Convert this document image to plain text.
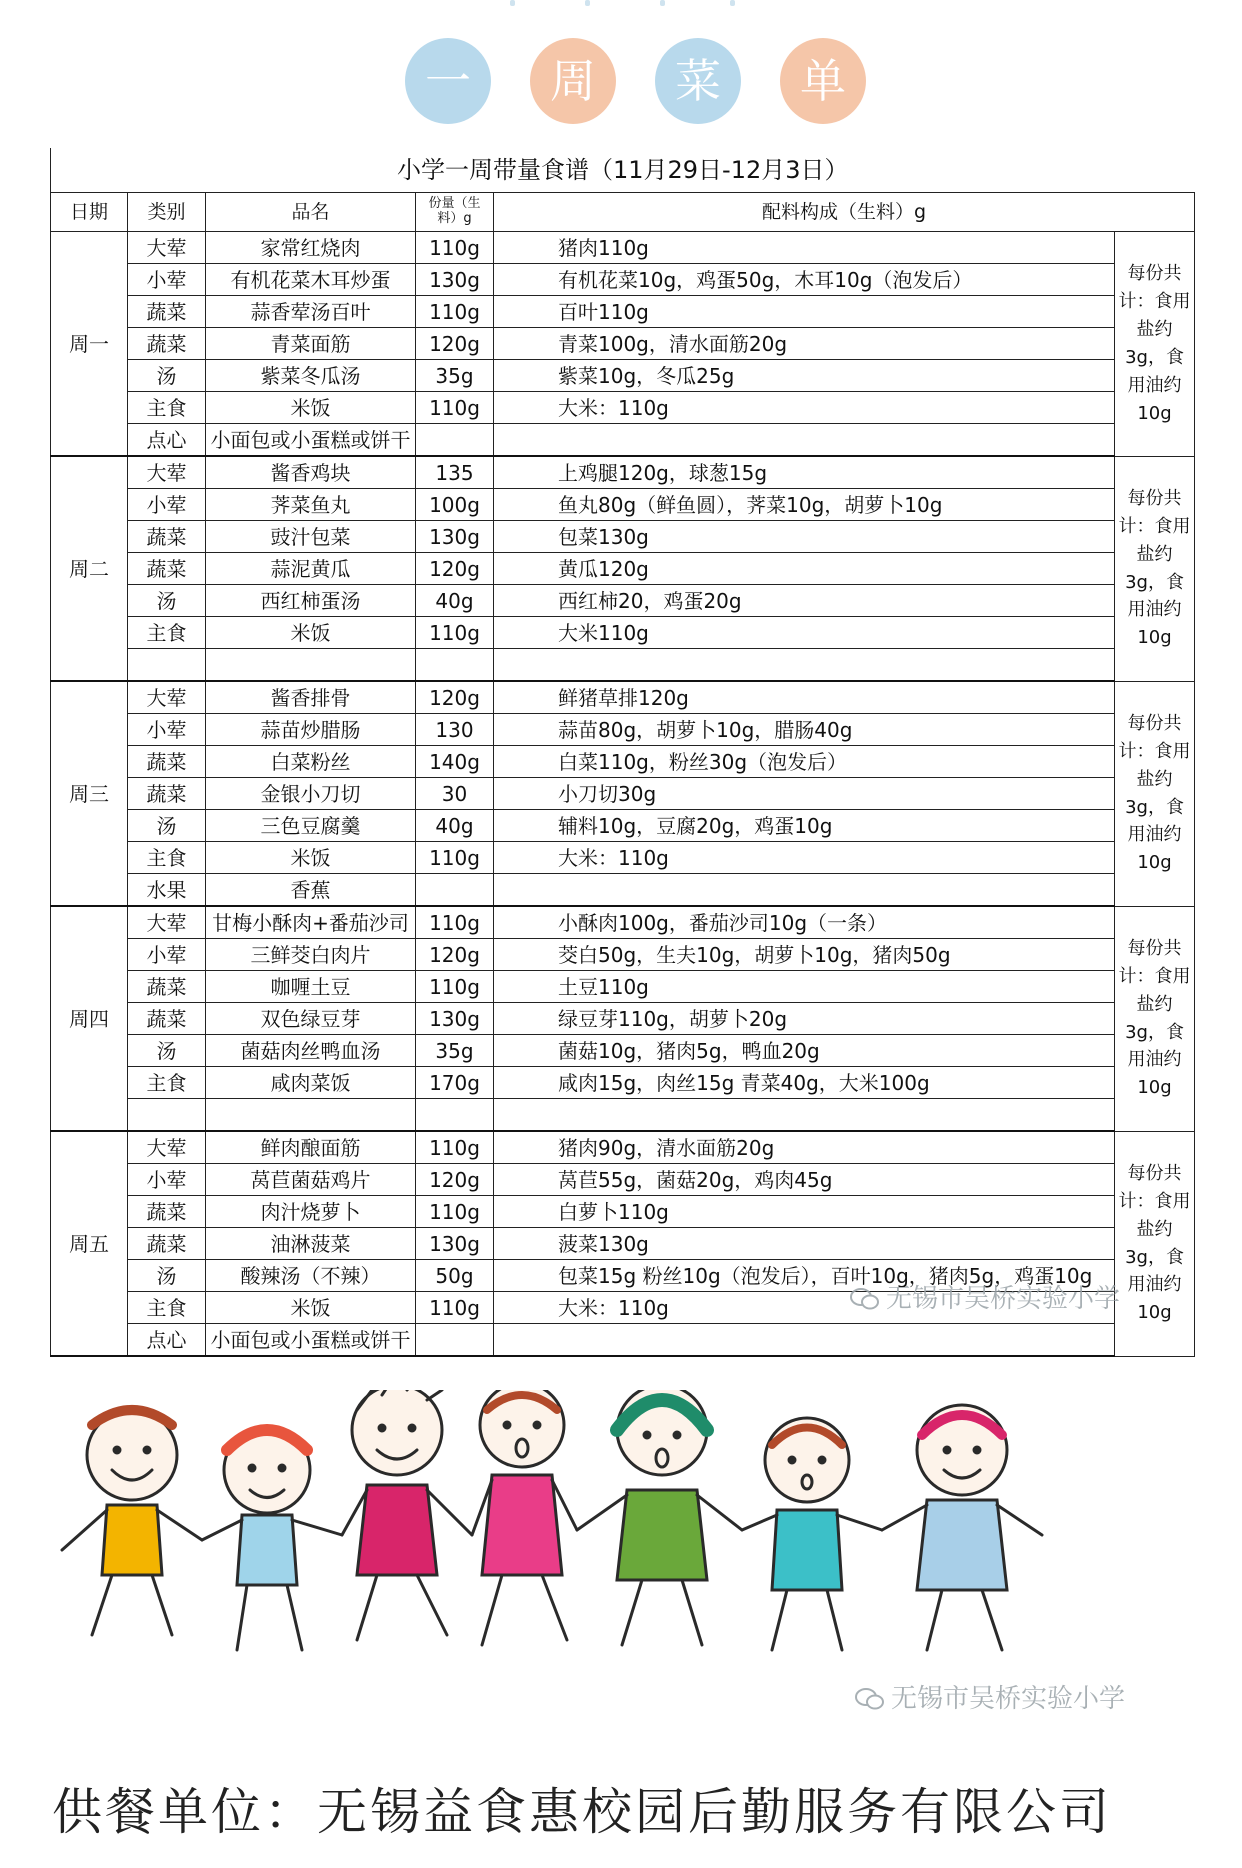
一	周	菜	单
小学一周带量食谱（11月29日-12月3日）					
日期	类别	品名	份量（生料）g	配料构成（生料）g	
周一	大荤	家常红烧肉	110g	猪肉110g	每份共计：食用盐约3g，食用油约10g
	小荤	有机花菜木耳炒蛋	130g	有机花菜10g，鸡蛋50g，木耳10g（泡发后）	
	蔬菜	蒜香荤汤百叶	110g	百叶110g	
	蔬菜	青菜面筋	120g	青菜100g，清水面筋20g	
	汤	紫菜冬瓜汤	35g	紫菜10g，冬瓜25g	
	主食	米饭	110g	大米：110g	
	点心	小面包或小蛋糕或饼干			
周二	大荤	酱香鸡块	135	上鸡腿120g，球葱15g	每份共计：食用盐约3g，食用油约10g
	小荤	荠菜鱼丸	100g	鱼丸80g（鲜鱼圆），荠菜10g，胡萝卜10g	
	蔬菜	豉汁包菜	130g	包菜130g	
	蔬菜	蒜泥黄瓜	120g	黄瓜120g	
	汤	西红柿蛋汤	40g	西红柿20，鸡蛋20g	
	主食	米饭	110g	大米110g	

周三	大荤	酱香排骨	120g	鲜猪草排120g	每份共计：食用盐约3g，食用油约10g
	小荤	蒜苗炒腊肠	130	蒜苗80g，胡萝卜10g，腊肠40g	
	蔬菜	白菜粉丝	140g	白菜110g，粉丝30g（泡发后）	
	蔬菜	金银小刀切	30	小刀切30g	
	汤	三色豆腐羹	40g	辅料10g，豆腐20g，鸡蛋10g	
	主食	米饭	110g	大米：110g	
	水果	香蕉			
周四	大荤	甘梅小酥肉+番茄沙司	110g	小酥肉100g，番茄沙司10g（一条）	每份共计：食用盐约3g，食用油约10g
	小荤	三鲜茭白肉片	120g	茭白50g，生夫10g，胡萝卜10g，猪肉50g	
	蔬菜	咖喱土豆	110g	土豆110g	
	蔬菜	双色绿豆芽	130g	绿豆芽110g，胡萝卜20g	
	汤	菌菇肉丝鸭血汤	35g	菌菇10g，猪肉5g，鸭血20g	
	主食	咸肉菜饭	170g	咸肉15g，肉丝15g 青菜40g，大米100g	

周五	大荤	鲜肉酿面筋	110g	猪肉90g，清水面筋20g	每份共计：食用盐约3g，食用油约10g
	小荤	莴苣菌菇鸡片	120g	莴苣55g，菌菇20g，鸡肉45g	
	蔬菜	肉汁烧萝卜	110g	白萝卜110g	
	蔬菜	油淋菠菜	130g	菠菜130g	
	汤	酸辣汤（不辣）	50g	包菜15g 粉丝10g（泡发后），百叶10g，猪肉5g，鸡蛋10g	
	主食	米饭	110g	大米：110g	
	点心	小面包或小蛋糕或饼干			
无锡市吴桥实验小学
无锡市吴桥实验小学
供餐单位：无锡益食惠校园后勤服务有限公司
